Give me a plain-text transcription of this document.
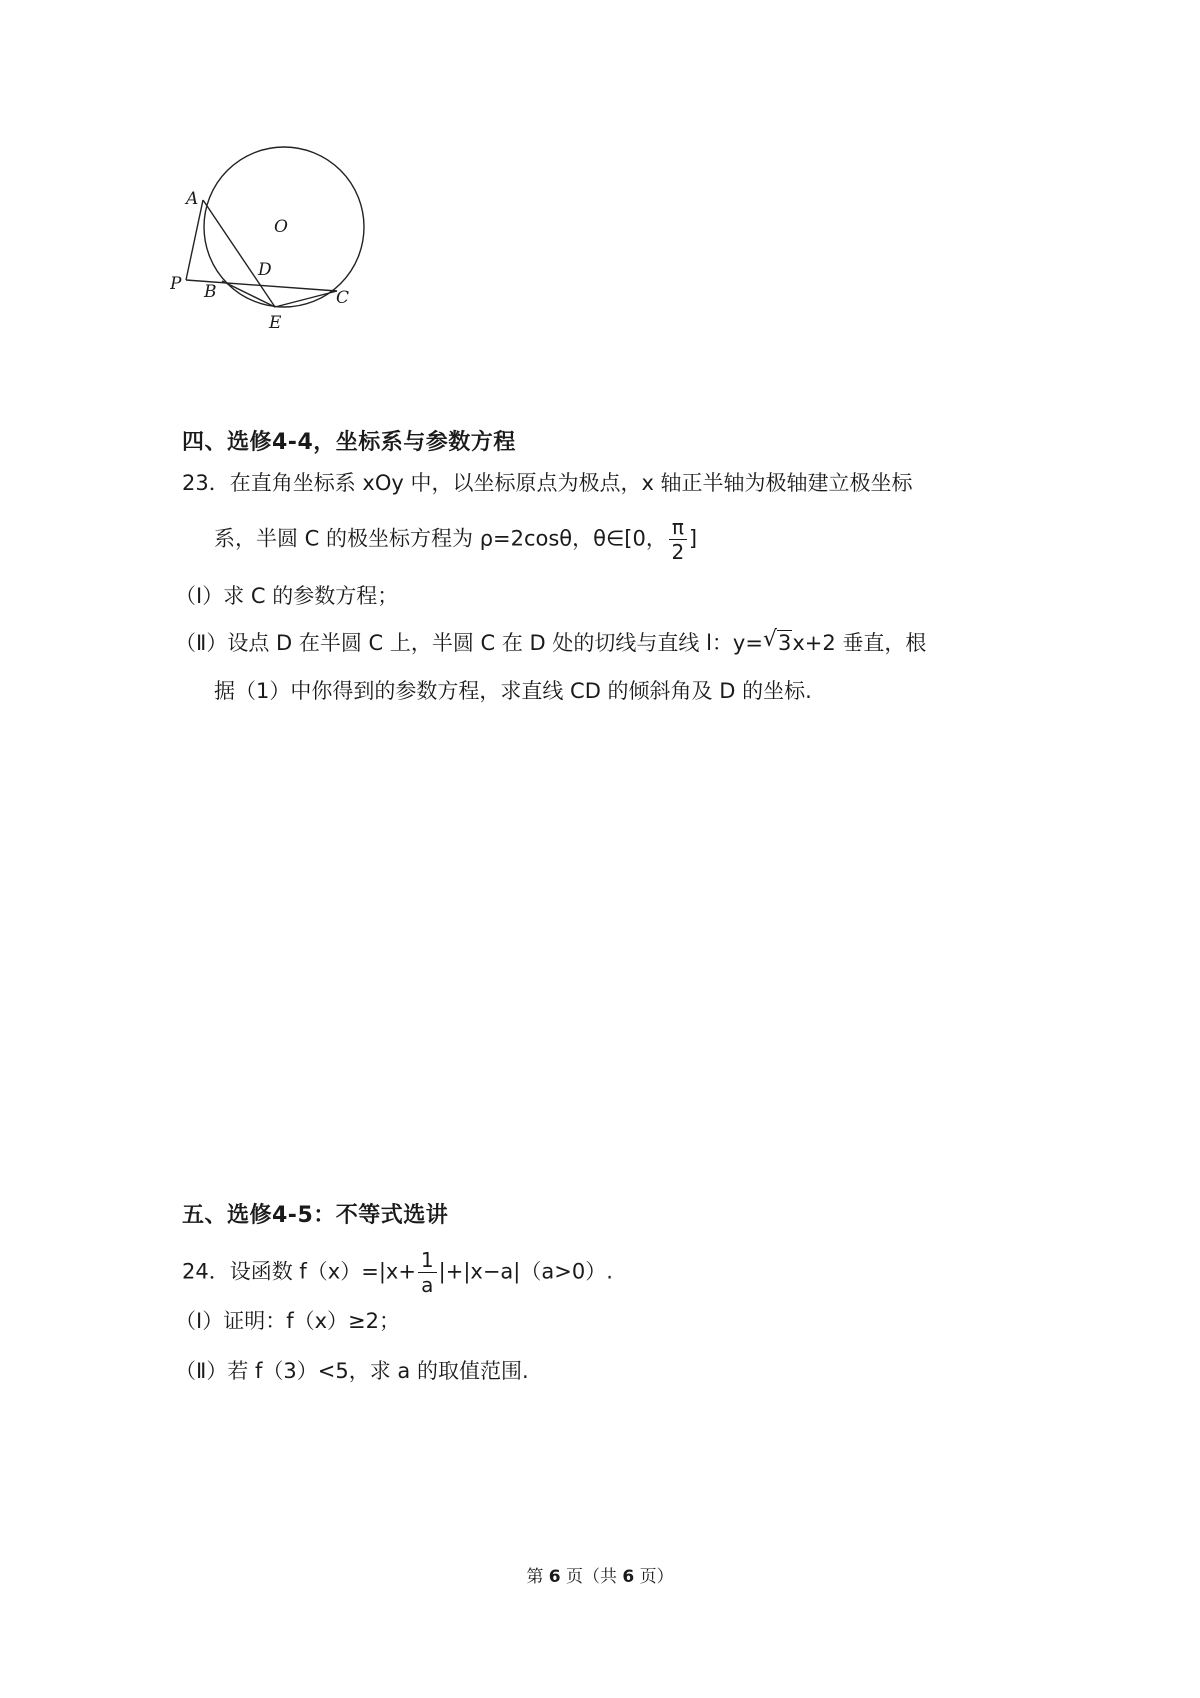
A
O
D
P B	C
E
四、选修4-4，坐标系与参数方程
23．在直角坐标系 xOy 中，以坐标原点为极点，x 轴正半轴为极轴建立极坐标
系，半圆 C 的极坐标方程为 ρ=2cosθ，θ∈[0， $\frac{\pi}{2}$ ]
（Ⅰ）求 C 的参数方程；
（Ⅱ）设点 D 在半圆 C 上，半圆 C 在 D 处的切线与直线 l：y= √ 3x+2 垂直，根
据（1）中你得到的参数方程，求直线 CD 的倾斜角及 D 的坐标.
五、选修4-5：不等式选讲
24．设函数 $f(x)=|x+ \frac{1}{a} |+|x-a|(a>0)$.
（Ⅰ）证明：f（x）≥2；
（Ⅱ）若 f（3）<5，求 a 的取值范围.
第 6 页（共 6 页）
